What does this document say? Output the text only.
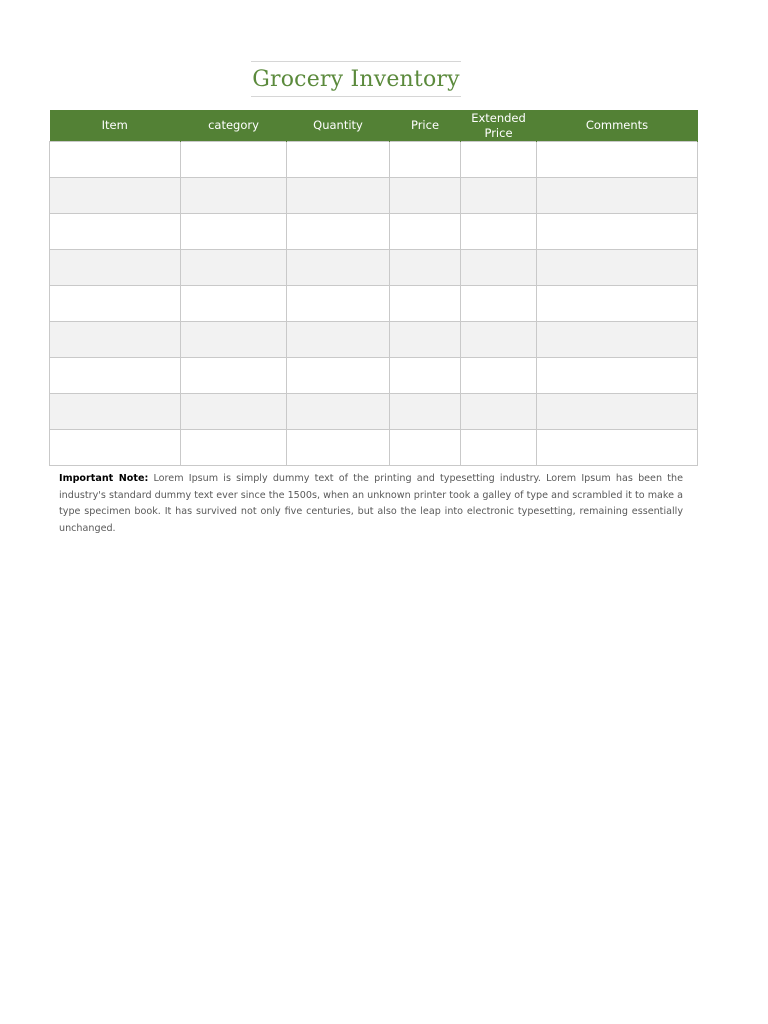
Grocery Inventory
Item	category	Quantity	Price	Extended Price	Comments

Important Note: Lorem Ipsum is simply dummy text of the printing and typesetting industry. Lorem Ipsum has been the industry's standard dummy text ever since the 1500s, when an unknown printer took a galley of type and scrambled it to make a type specimen book. It has survived not only five centuries, but also the leap into electronic typesetting, remaining essentially unchanged.
